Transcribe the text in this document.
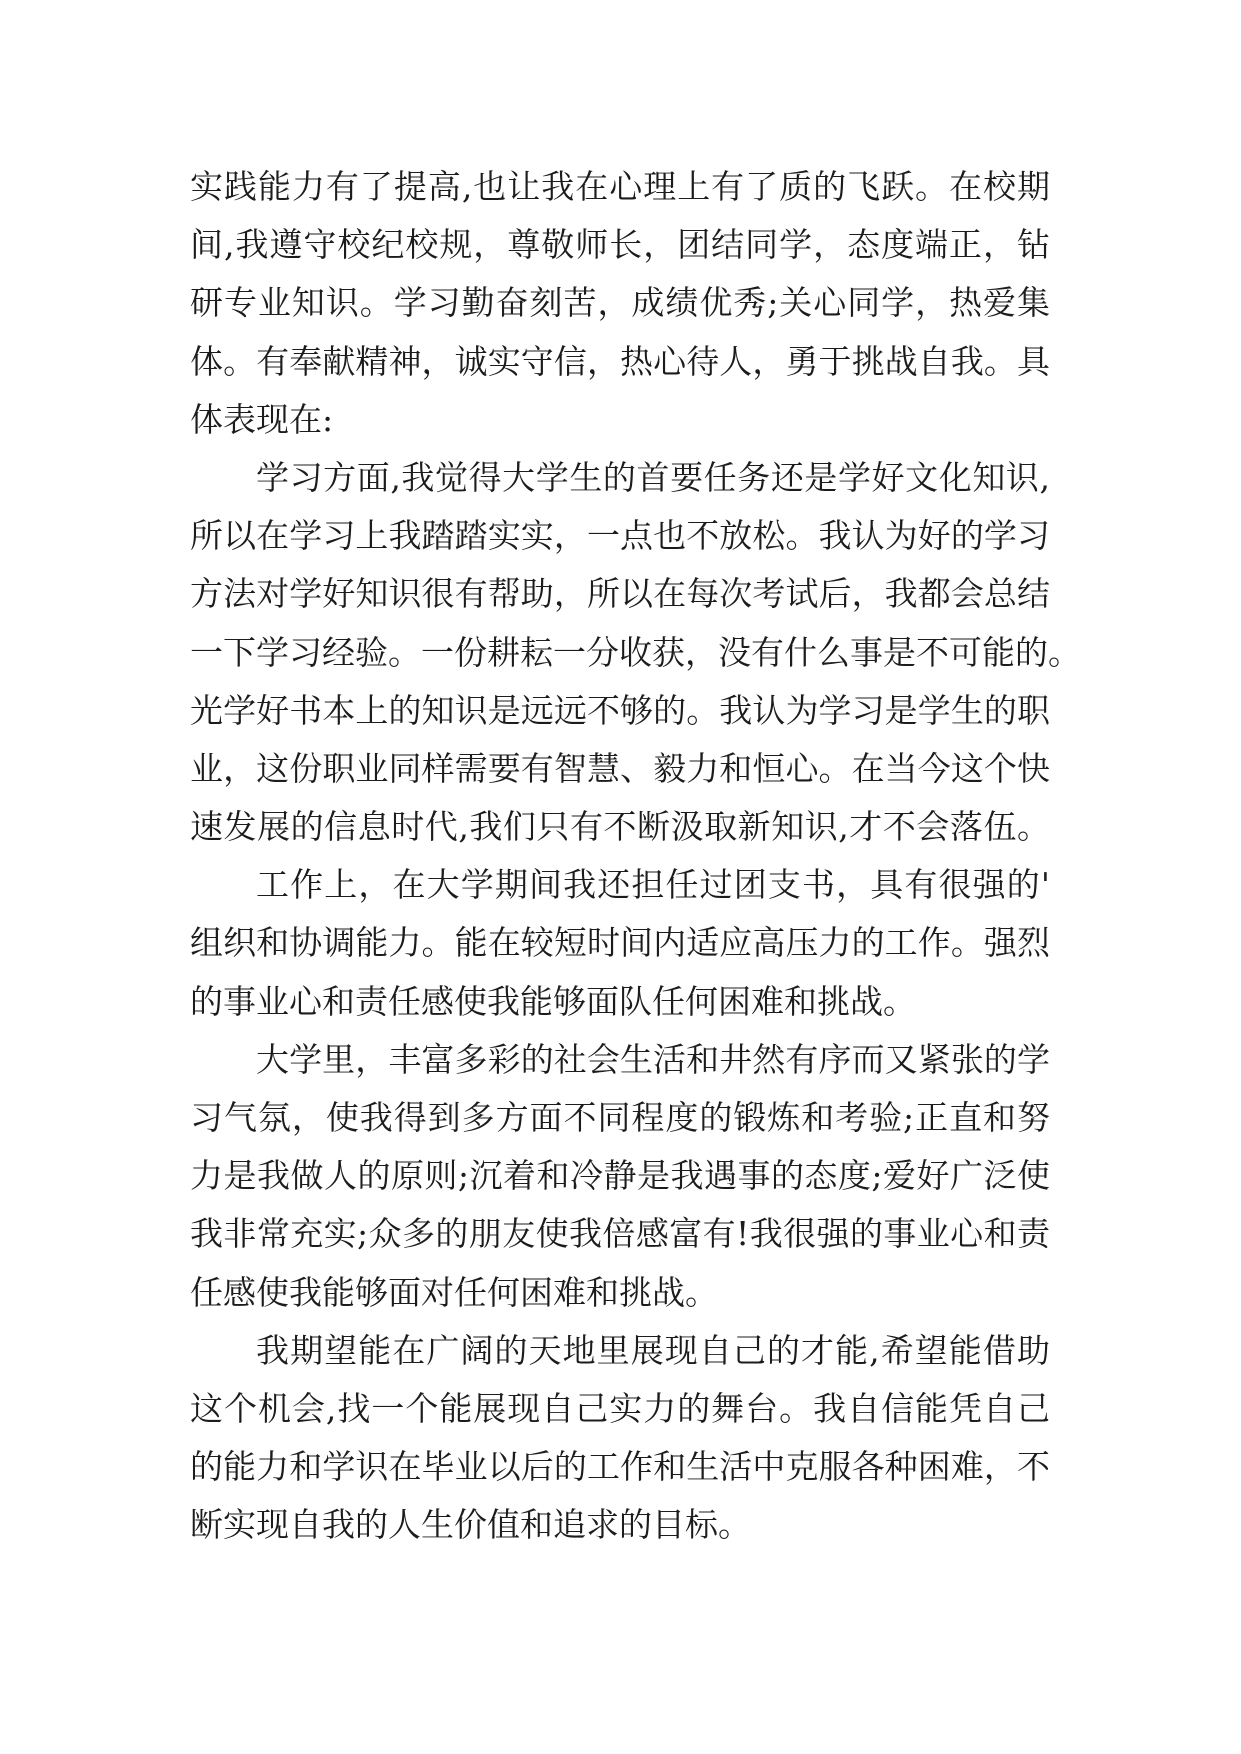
实践能力有了提高,也让我在心理上有了质的飞跃。在校期
间,我遵守校纪校规，尊敬师长，团结同学，态度端正，钻
研专业知识。学习勤奋刻苦，成绩优秀;关心同学，热爱集
体。有奉献精神，诚实守信，热心待人，勇于挑战自我。具
体表现在:
学习方面,我觉得大学生的首要任务还是学好文化知识,
所以在学习上我踏踏实实，一点也不放松。我认为好的学习
方法对学好知识很有帮助，所以在每次考试后，我都会总结
一下学习经验。一份耕耘一分收获，没有什么事是不可能的。
光学好书本上的知识是远远不够的。我认为学习是学生的职
业，这份职业同样需要有智慧、毅力和恒心。在当今这个快
速发展的信息时代,我们只有不断汲取新知识,才不会落伍。
工作上，在大学期间我还担任过团支书，具有很强的'
组织和协调能力。能在较短时间内适应高压力的工作。强烈
的事业心和责任感使我能够面队任何困难和挑战。
大学里，丰富多彩的社会生活和井然有序而又紧张的学
习气氛，使我得到多方面不同程度的锻炼和考验;正直和努
力是我做人的原则;沉着和冷静是我遇事的态度;爱好广泛使
我非常充实;众多的朋友使我倍感富有!我很强的事业心和责
任感使我能够面对任何困难和挑战。
我期望能在广阔的天地里展现自己的才能,希望能借助
这个机会,找一个能展现自己实力的舞台。我自信能凭自己
的能力和学识在毕业以后的工作和生活中克服各种困难，不
断实现自我的人生价值和追求的目标。
